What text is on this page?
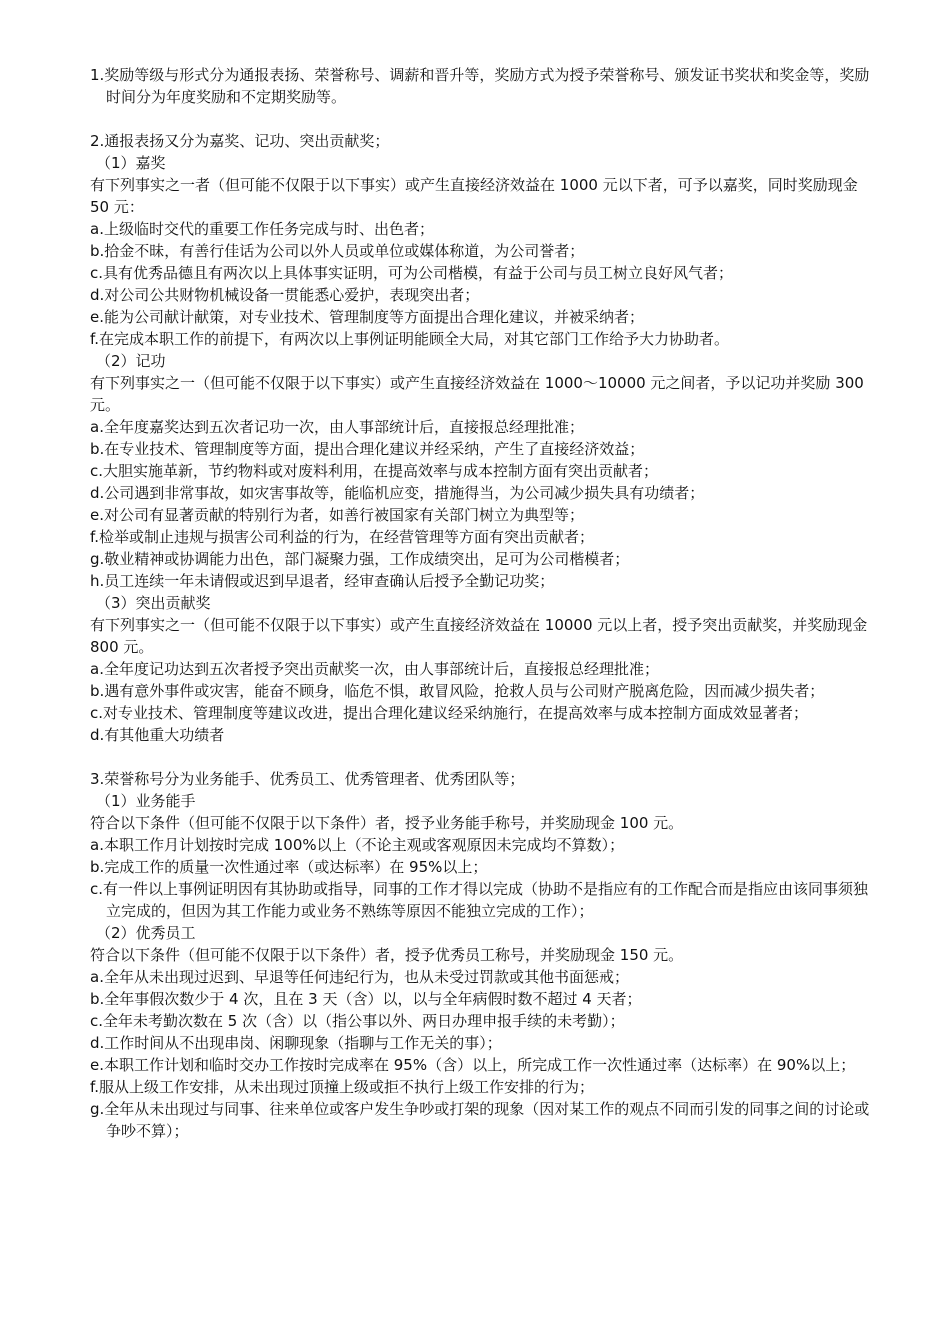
1.奖励等级与形式分为通报表扬、荣誉称号、调薪和晋升等，奖励方式为授予荣誉称号、颁发证书奖状和奖金等，奖励时间分为年度奖励和不定期奖励等。
2.通报表扬又分为嘉奖、记功、突出贡献奖；
（1）嘉奖
有下列事实之一者（但可能不仅限于以下事实）或产生直接经济效益在 1000 元以下者，可予以嘉奖，同时奖励现金 50 元：
a.上级临时交代的重要工作任务完成与时、出色者；
b.拾金不昧，有善行佳话为公司以外人员或单位或媒体称道，为公司誉者；
c.具有优秀品德且有两次以上具体事实证明，可为公司楷模，有益于公司与员工树立良好风气者；
d.对公司公共财物机械设备一贯能悉心爱护，表现突出者；
e.能为公司献计献策，对专业技术、管理制度等方面提出合理化建议，并被采纳者；
f.在完成本职工作的前提下，有两次以上事例证明能顾全大局，对其它部门工作给予大力协助者。
（2）记功
有下列事实之一（但可能不仅限于以下事实）或产生直接经济效益在 1000～10000 元之间者，予以记功并奖励 300 元。
a.全年度嘉奖达到五次者记功一次，由人事部统计后，直接报总经理批准；
b.在专业技术、管理制度等方面，提出合理化建议并经采纳，产生了直接经济效益；
c.大胆实施革新，节约物料或对废料利用，在提高效率与成本控制方面有突出贡献者；
d.公司遇到非常事故，如灾害事故等，能临机应变，措施得当，为公司减少损失具有功绩者；
e.对公司有显著贡献的特别行为者，如善行被国家有关部门树立为典型等；
f.检举或制止违规与损害公司利益的行为，在经营管理等方面有突出贡献者；
g.敬业精神或协调能力出色，部门凝聚力强，工作成绩突出，足可为公司楷模者；
h.员工连续一年未请假或迟到早退者，经审查确认后授予全勤记功奖；
（3）突出贡献奖
有下列事实之一（但可能不仅限于以下事实）或产生直接经济效益在 10000 元以上者，授予突出贡献奖，并奖励现金 800 元。
a.全年度记功达到五次者授予突出贡献奖一次，由人事部统计后，直接报总经理批准；
b.遇有意外事件或灾害，能奋不顾身，临危不惧，敢冒风险，抢救人员与公司财产脱离危险，因而减少损失者；
c.对专业技术、管理制度等建议改进，提出合理化建议经采纳施行，在提高效率与成本控制方面成效显著者；
d.有其他重大功绩者
3.荣誉称号分为业务能手、优秀员工、优秀管理者、优秀团队等；
（1）业务能手
符合以下条件（但可能不仅限于以下条件）者，授予业务能手称号，并奖励现金 100 元。
a.本职工作月计划按时完成 100%以上（不论主观或客观原因未完成均不算数）；
b.完成工作的质量一次性通过率（或达标率）在 95%以上；
c.有一件以上事例证明因有其协助或指导，同事的工作才得以完成（协助不是指应有的工作配合而是指应由该同事须独立完成的，但因为其工作能力或业务不熟练等原因不能独立完成的工作）；
（2）优秀员工
符合以下条件（但可能不仅限于以下条件）者，授予优秀员工称号，并奖励现金 150 元。
a.全年从未出现过迟到、早退等任何违纪行为，也从未受过罚款或其他书面惩戒；
b.全年事假次数少于 4 次，且在 3 天（含）以，以与全年病假时数不超过 4 天者；
c.全年未考勤次数在 5 次（含）以（指公事以外、两日办理申报手续的未考勤）；
d.工作时间从不出现串岗、闲聊现象（指聊与工作无关的事）；
e.本职工作计划和临时交办工作按时完成率在 95%（含）以上，所完成工作一次性通过率（达标率）在 90%以上；
f.服从上级工作安排，从未出现过顶撞上级或拒不执行上级工作安排的行为；
g.全年从未出现过与同事、往来单位或客户发生争吵或打架的现象（因对某工作的观点不同而引发的同事之间的讨论或争吵不算）；
